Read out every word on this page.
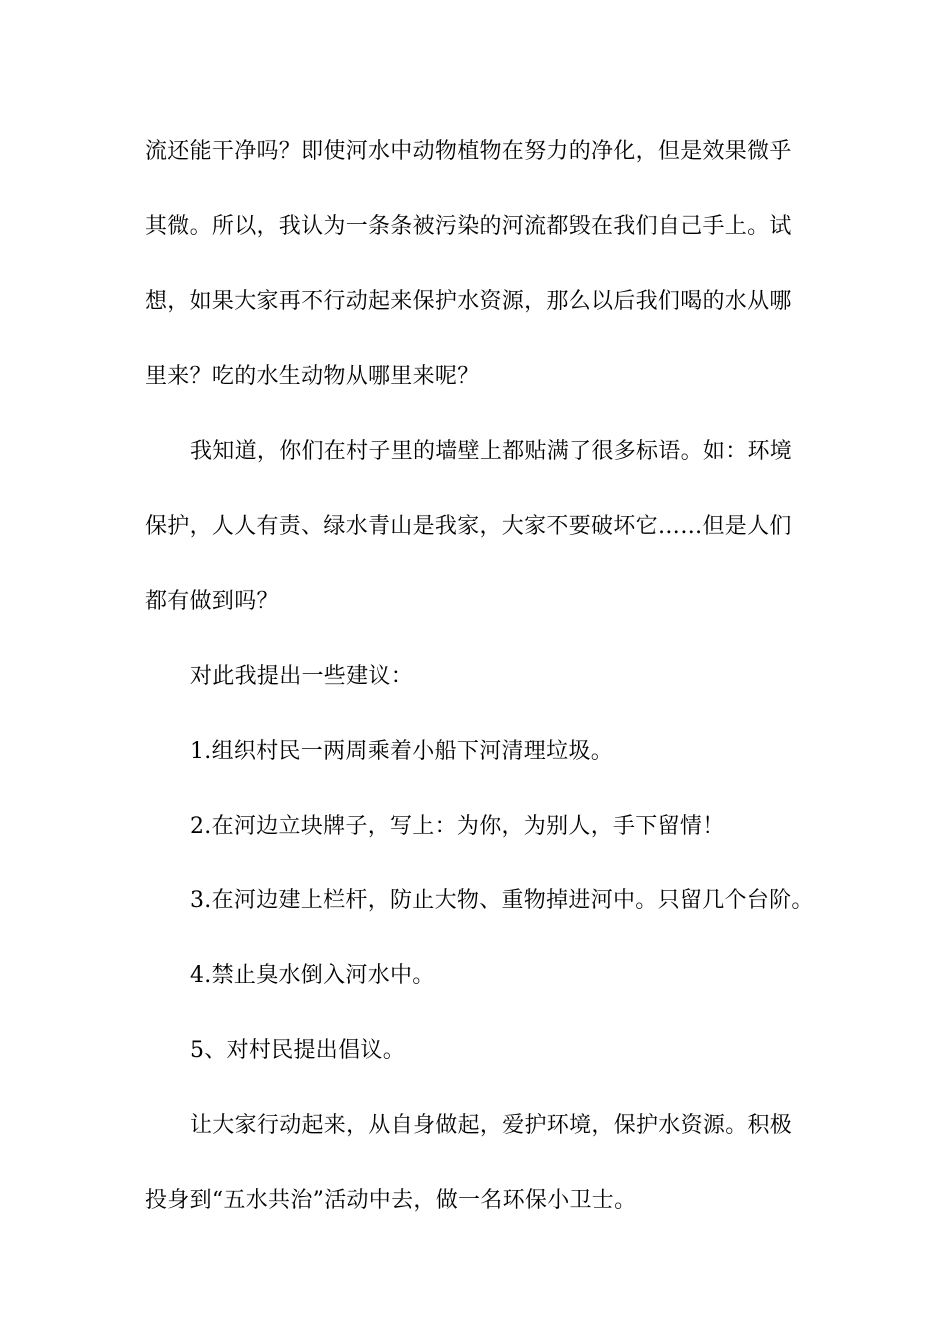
流还能干净吗？即使河水中动物植物在努力的净化，但是效果微乎
其微。所以，我认为一条条被污染的河流都毁在我们自己手上。试
想，如果大家再不行动起来保护水资源，那么以后我们喝的水从哪
里来？吃的水生动物从哪里来呢？
我知道，你们在村子里的墙壁上都贴满了很多标语。如：环境
保护，人人有责、绿水青山是我家，大家不要破坏它……但是人们
都有做到吗？
对此我提出一些建议：
1.组织村民一两周乘着小船下河清理垃圾。
2.在河边立块牌子，写上：为你，为别人，手下留情！
3.在河边建上栏杆，防止大物、重物掉进河中。只留几个台阶。
4.禁止臭水倒入河水中。
5、对村民提出倡议。
让大家行动起来，从自身做起，爱护环境，保护水资源。积极
投身到“五水共治”活动中去，做一名环保小卫士。
